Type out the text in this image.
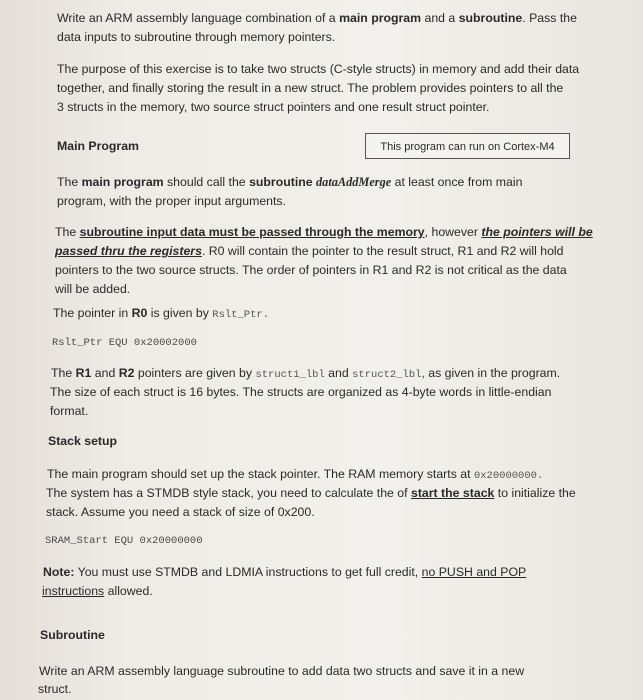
Write an ARM assembly language combination of a main program and a subroutine. Pass the

data inputs to subroutine through memory pointers.

The purpose of this exercise is to take two structs (C-style structs) in memory and add their data

together, and finally storing the result in a new struct. The problem provides pointers to all the

3 structs in the memory, two source struct pointers and one result struct pointer.

Main Program	This program can run on Cortex-M4

The main program should call the subroutine dataAddMerge at least once from main

program, with the proper input arguments.

The subroutine input data must be passed through the memory, however the pointers will be

passed thru the registers. R0 will contain the pointer to the result struct, R1 and R2 will hold

pointers to the two source structs. The order of pointers in R1 and R2 is not critical as the data

will be added.

The pointer in R0 is given by Rslt_Ptr.

Rslt_Ptr EQU 0x20002000

The R1 and R2 pointers are given by struct1_lbl and struct2_lbl, as given in the program.

The size of each struct is 16 bytes. The structs are organized as 4-byte words in little-endian

format.

Stack setup

The main program should set up the stack pointer. The RAM memory starts at 0x20000000.

The system has a STMDB style stack, you need to calculate the of start the stack to initialize the

stack. Assume you need a stack of size of 0x200.

SRAM_Start EQU 0x20000000

Note: You must use STMDB and LDMIA instructions to get full credit, no PUSH and POP

instructions allowed.

Subroutine

Write an ARM assembly language subroutine to add data two structs and save it in a new

struct.
